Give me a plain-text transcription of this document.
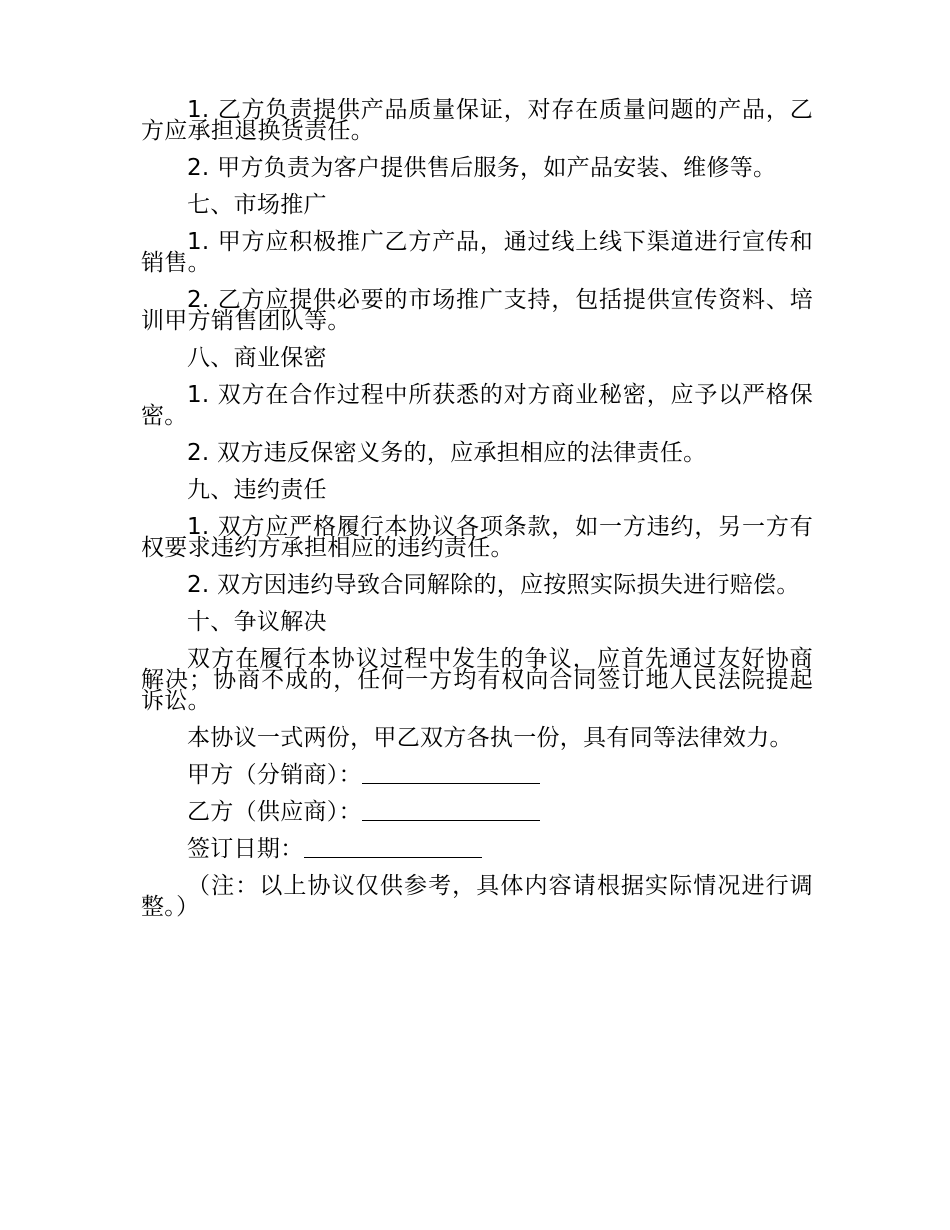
1. 乙方负责提供产品质量保证，对存在质量问题的产品，乙方应承担退换货责任。

2. 甲方负责为客户提供售后服务，如产品安装、维修等。

七、市场推广

1. 甲方应积极推广乙方产品，通过线上线下渠道进行宣传和销售。

2. 乙方应提供必要的市场推广支持，包括提供宣传资料、培训甲方销售团队等。

八、商业保密

1. 双方在合作过程中所获悉的对方商业秘密，应予以严格保密。

2. 双方违反保密义务的，应承担相应的法律责任。

九、违约责任

1. 双方应严格履行本协议各项条款，如一方违约，另一方有权要求违约方承担相应的违约责任。

2. 双方因违约导致合同解除的，应按照实际损失进行赔偿。

十、争议解决

双方在履行本协议过程中发生的争议，应首先通过友好协商解决；协商不成的，任何一方均有权向合同签订地人民法院提起诉讼。

本协议一式两份，甲乙双方各执一份，具有同等法律效力。

甲方（分销商）：

乙方（供应商）：

签订日期：

（注：以上协议仅供参考，具体内容请根据实际情况进行调整。）
